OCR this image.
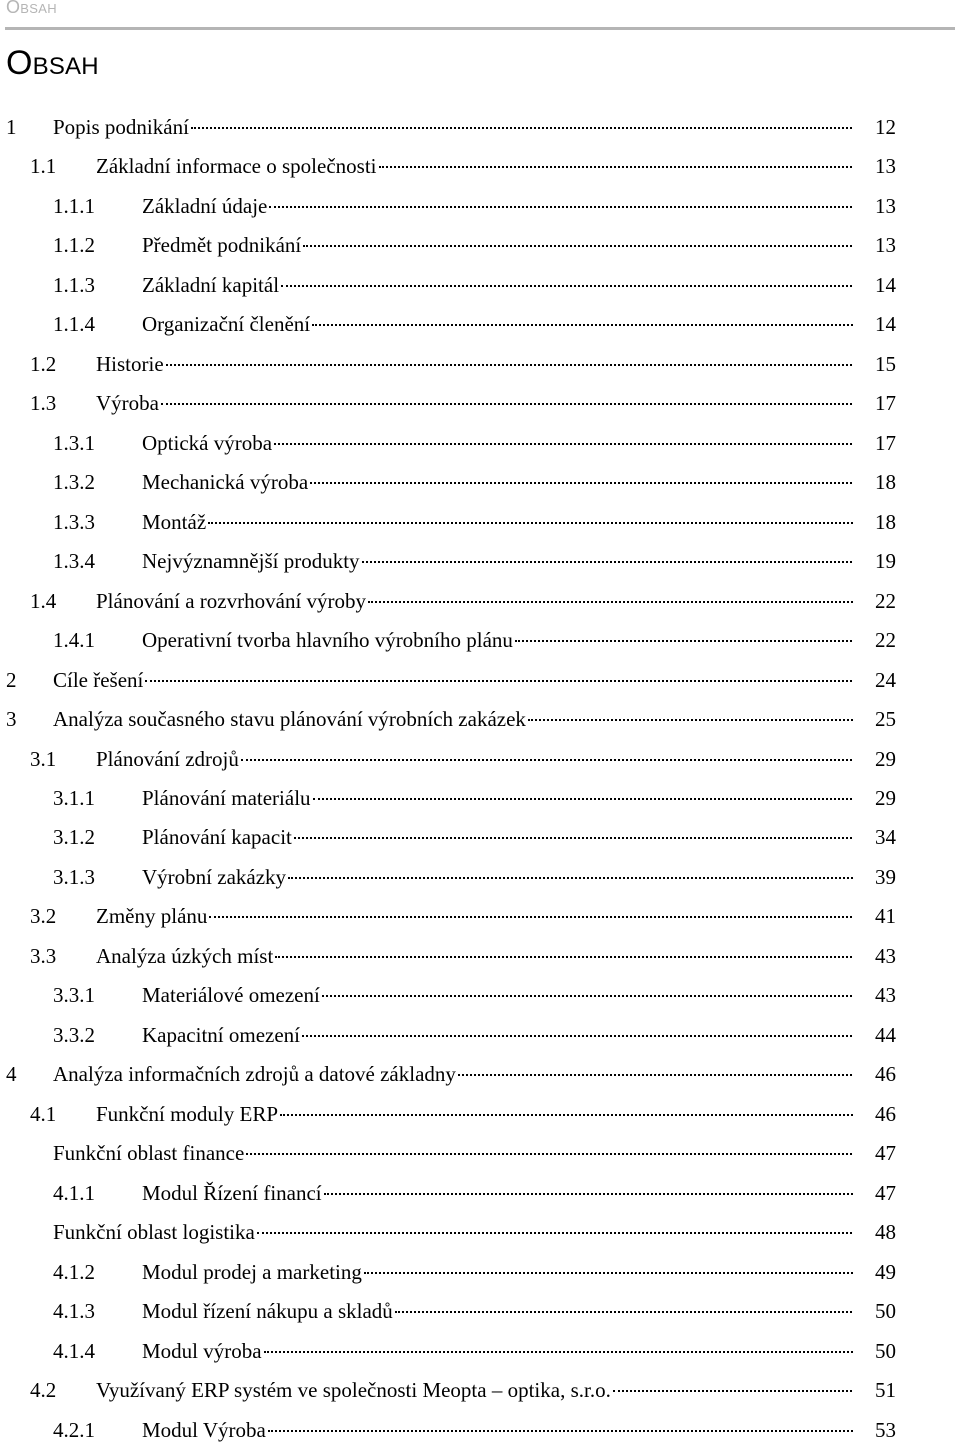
Obsah
Obsah
1 Popis podnikání	12
1.1 Základní informace o společnosti	13
1.1.1 Základní údaje	13
1.1.2 Předmět podnikání	13
1.1.3 Základní kapitál	14
1.1.4 Organizační členění	14
1.2 Historie	15
1.3 Výroba	17
1.3.1 Optická výroba	17
1.3.2 Mechanická výroba	18
1.3.3 Montáž	18
1.3.4 Nejvýznamnější produkty	19
1.4 Plánování a rozvrhování výroby	22
1.4.1 Operativní tvorba hlavního výrobního plánu	22
2 Cíle řešení	24
3 Analýza současného stavu plánování výrobních zakázek	25
3.1 Plánování zdrojů	29
3.1.1 Plánování materiálu	29
3.1.2 Plánování kapacit	34
3.1.3 Výrobní zakázky	39
3.2 Změny plánu	41
3.3 Analýza úzkých míst	43
3.3.1 Materiálové omezení	43
3.3.2 Kapacitní omezení	44
4 Analýza informačních zdrojů a datové základny	46
4.1 Funkční moduly ERP	46
Funkční oblast finance	47
4.1.1 Modul Řízení financí	47
Funkční oblast logistika	48
4.1.2 Modul prodej a marketing	49
4.1.3 Modul řízení nákupu a skladů	50
4.1.4 Modul výroba	50
4.2 Využívaný ERP systém ve společnosti Meopta – optika, s.r.o.	51
4.2.1 Modul Výroba	53
